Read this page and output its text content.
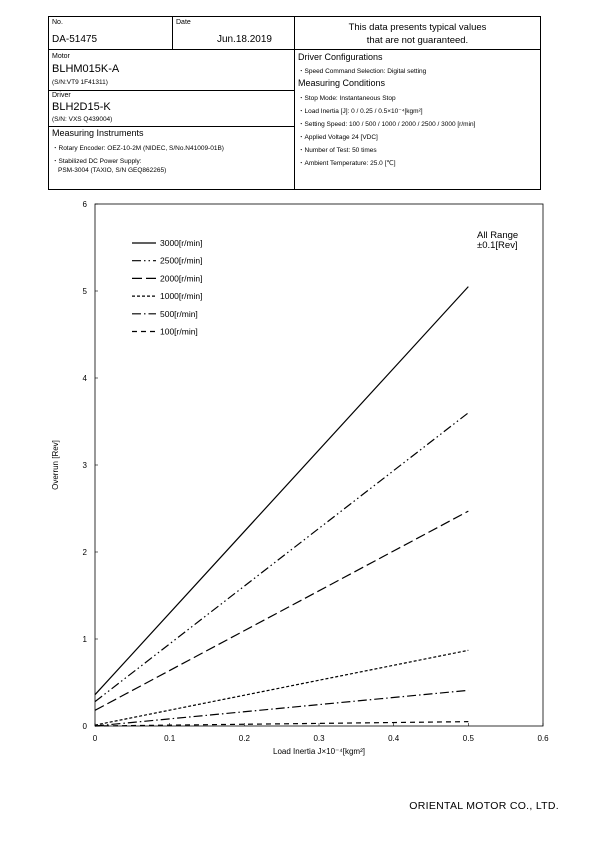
No.
DA-51475
Date
Jun.18.2019
This data presents typical values
that are not guaranteed.
Motor
BLHM015K-A
(S/N:VT9 1F41311)
Driver
BLH2D15-K
(S/N: VXS Q439004)
Measuring Instruments
・Rotary Encoder: OEZ-10-2M (NIDEC, S/No.N41009-01B)
・Stabilized DC Power Supply:
PSM-3004 (TAXIO, S/N GEQ862265)
Driver Configurations
・Speed Command Selection: Digital setting
Measuring Conditions
・Stop Mode: Instantaneous Stop
・Load Inertia [J]: 0 / 0.25 / 0.5×10⁻⁴[kgm²]
・Setting Speed: 100 / 500 / 1000 / 2000 / 2500 / 3000 [r/min]
・Applied Voltage 24 [VDC]
・Number of Test: 50 times
・Ambient Temperature: 25.0 [℃]
0	0.1	0.2	0.3	0.4	0.5	0.6
0
1
2
3
4
5
6
3000[r/min]
2500[r/min]
2000[r/min]
1000[r/min]
500[r/min]
100[r/min]
Load Inertia J×10⁻⁴[kgm²]
Overrun [Rev]
All Range
±0.1[Rev]
ORIENTAL MOTOR CO., LTD.
